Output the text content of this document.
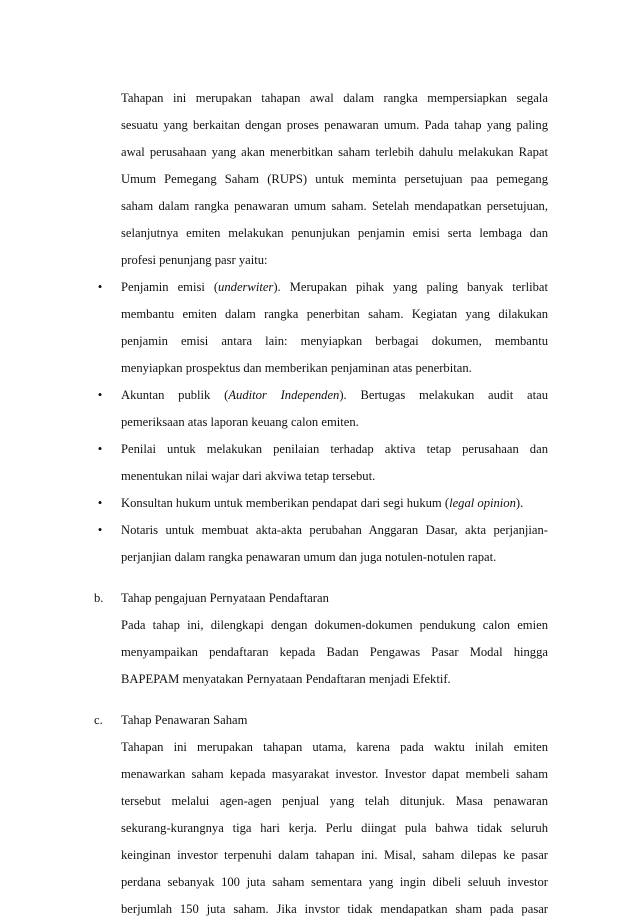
Tahapan ini merupakan tahapan awal dalam rangka mempersiapkan segala
sesuatu yang berkaitan dengan proses penawaran umum. Pada tahap yang paling
awal perusahaan yang akan menerbitkan saham terlebih dahulu melakukan Rapat
Umum Pemegang Saham (RUPS) untuk meminta persetujuan paa pemegang
saham dalam rangka penawaran umum saham. Setelah mendapatkan persetujuan,
selanjutnya emiten melakukan penunjukan penjamin emisi serta lembaga dan
profesi penunjang pasr yaitu:
• Penjamin emisi (underwiter). Merupakan pihak yang paling banyak terlibat
membantu emiten dalam rangka penerbitan saham. Kegiatan yang dilakukan
penjamin emisi antara lain: menyiapkan berbagai dokumen, membantu
menyiapkan prospektus dan memberikan penjaminan atas penerbitan.
• Akuntan publik (Auditor Independen). Bertugas melakukan audit atau
pemeriksaan atas laporan keuang calon emiten.
• Penilai untuk melakukan penilaian terhadap aktiva tetap perusahaan dan
menentukan nilai wajar dari akviwa tetap tersebut.
• Konsultan hukum untuk memberikan pendapat dari segi hukum (legal opinion).
• Notaris untuk membuat akta-akta perubahan Anggaran Dasar, akta perjanjian-
perjanjian dalam rangka penawaran umum dan juga notulen-notulen rapat.
b.	Tahap pengajuan Pernyataan Pendaftaran
Pada tahap ini, dilengkapi dengan dokumen-dokumen pendukung calon emien
menyampaikan pendaftaran kepada Badan Pengawas Pasar Modal hingga
BAPEPAM menyatakan Pernyataan Pendaftaran menjadi Efektif.
c.	Tahap Penawaran Saham
Tahapan ini merupakan tahapan utama, karena pada waktu inilah emiten
menawarkan saham kepada masyarakat investor. Investor dapat membeli saham
tersebut melalui agen-agen penjual yang telah ditunjuk. Masa penawaran
sekurang-kurangnya tiga hari kerja. Perlu diingat pula bahwa tidak seluruh
keinginan investor terpenuhi dalam tahapan ini. Misal, saham dilepas ke pasar
perdana sebanyak 100 juta saham sementara yang ingin dibeli seluuh investor
berjumlah 150 juta saham. Jika invstor tidak mendapatkan sham pada pasar
